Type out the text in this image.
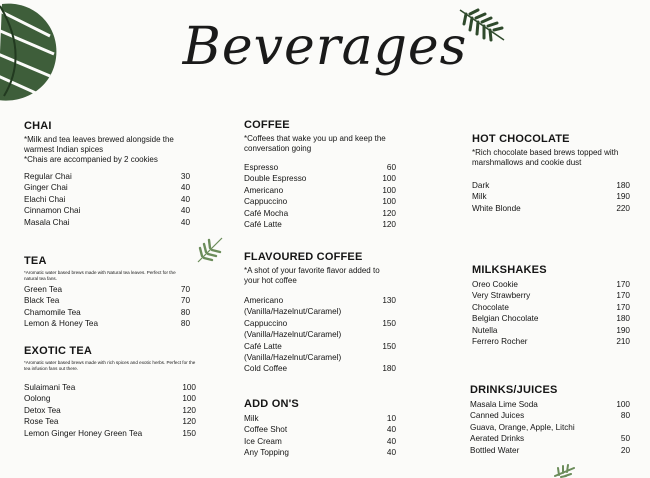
Beverages
CHAI
*Milk and tea leaves brewed alongside the warmest Indian spices
*Chais are accompanied by 2 cookies
Regular Chai	30
Ginger Chai	40
Elachi Chai	40
Cinnamon Chai	40
Masala Chai	40
TEA
*Aromatic water based brews made with Natural tea leaves. Perfect for the natural tea fans.
Green Tea	70
Black Tea	70
Chamomile Tea	80
Lemon & Honey Tea	80
EXOTIC TEA
*Aromatic water based brews made with rich spices and exotic herbs. Perfect for the tea infusion fans out there.
Sulaimani Tea	100
Oolong	100
Detox Tea	120
Rose Tea	120
Lemon Ginger Honey Green Tea	150
COFFEE
*Coffees that wake you up and keep the conversation going
Espresso	60
Double Espresso	100
Americano	100
Cappuccino	100
Café Mocha	120
Café Latte	120
FLAVOURED COFFEE
*A shot of your favorite flavor added to your hot coffee
Americano	130
(Vanilla/Hazelnut/Caramel)
Cappuccino	150
(Vanilla/Hazelnut/Caramel)
Café Latte	150
(Vanilla/Hazelnut/Caramel)
Cold Coffee	180
ADD ON'S
Milk	10
Coffee Shot	40
Ice Cream	40
Any Topping	40
HOT CHOCOLATE
*Rich chocolate based brews topped with marshmallows and cookie dust
Dark	180
Milk	190
White Blonde	220
MILKSHAKES
Oreo Cookie	170
Very Strawberry	170
Chocolate	170
Belgian Chocolate	180
Nutella	190
Ferrero Rocher	210
DRINKS/JUICES
Masala Lime Soda	100
Canned Juices	80
Guava, Orange, Apple, Litchi
Aerated Drinks	50
Bottled Water	20
